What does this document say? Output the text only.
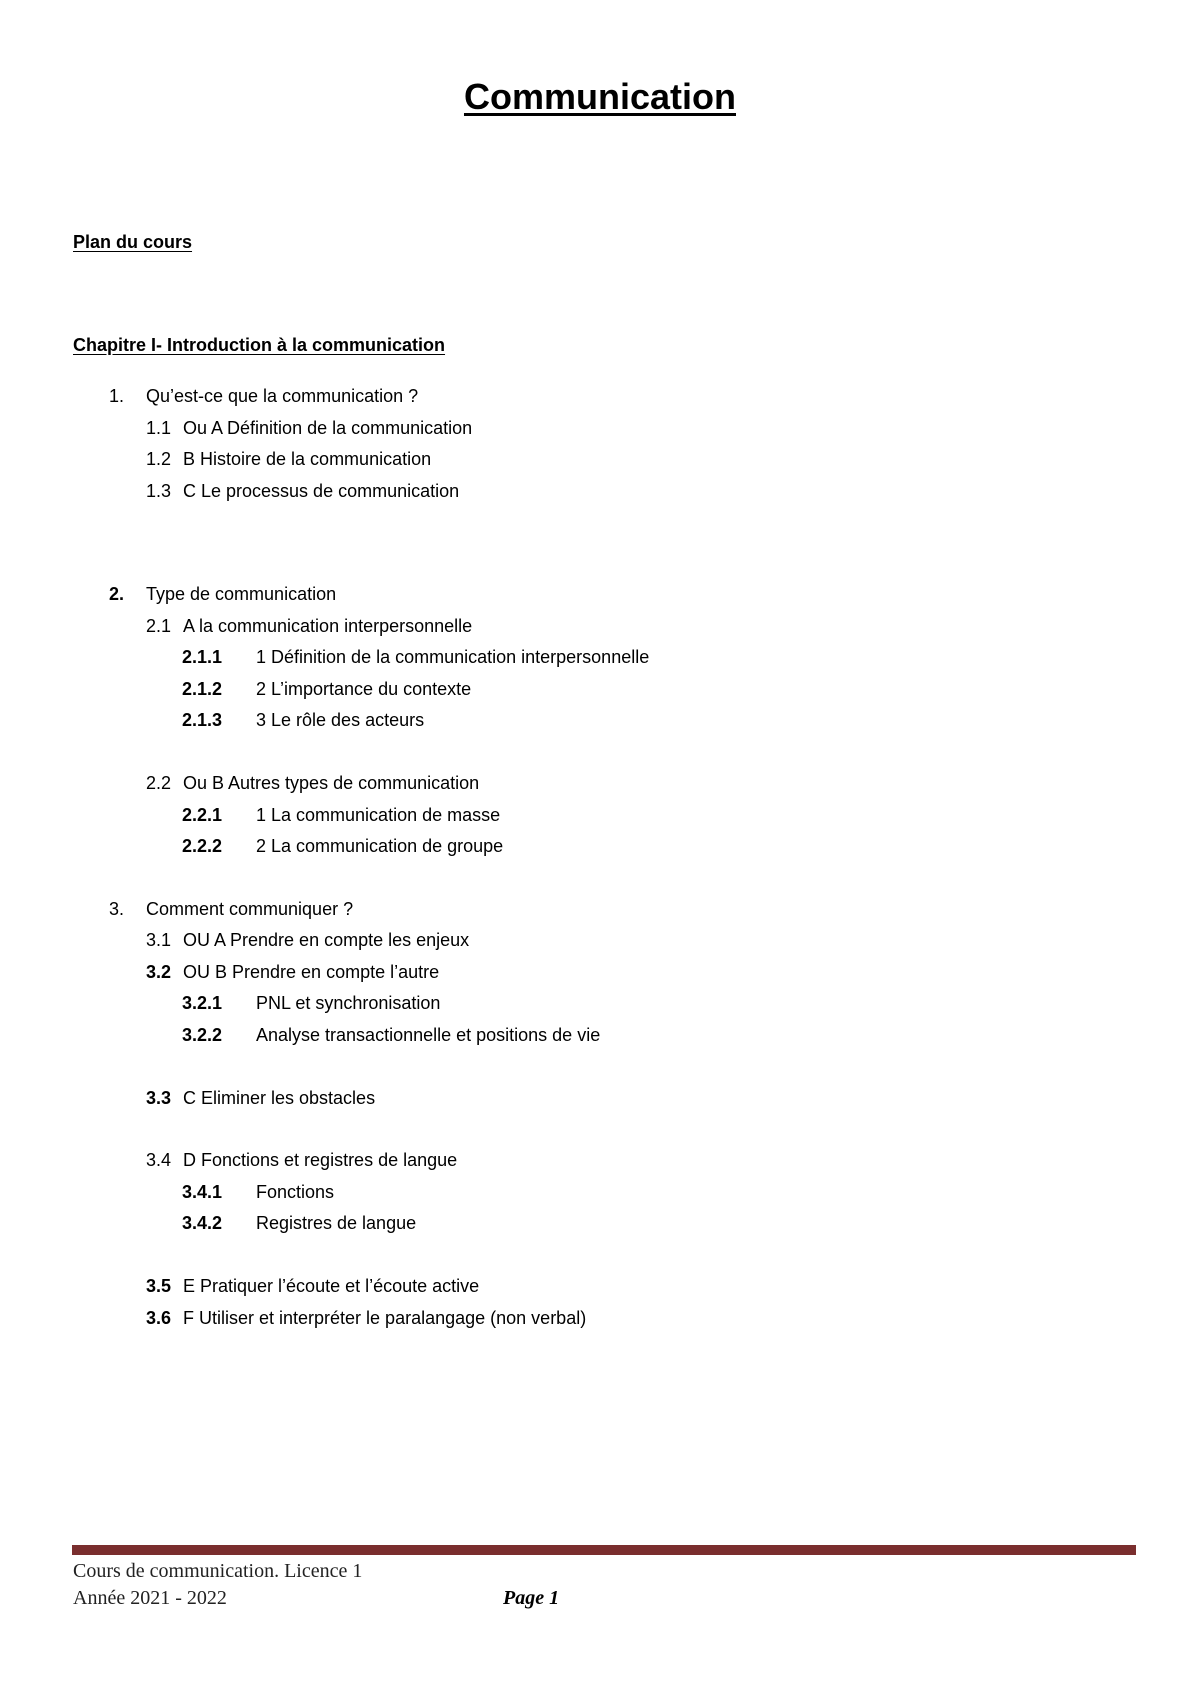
Communication
Plan du cours
Chapitre I- Introduction à la communication
1. Qu’est-ce que la communication ?
1.1 Ou A Définition de la communication
1.2 B Histoire de la communication
1.3 C Le processus de communication
2. Type de communication
2.1 A la communication interpersonnelle
2.1.1 1 Définition de la communication interpersonnelle
2.1.2 2 L’importance du contexte
2.1.3 3 Le rôle des acteurs
2.2 Ou B Autres types de communication
2.2.1 1 La communication de masse
2.2.2 2 La communication de groupe
3. Comment communiquer ?
3.1 OU A Prendre en compte les enjeux
3.2 OU B Prendre en compte l’autre
3.2.1 PNL et synchronisation
3.2.2 Analyse transactionnelle et positions de vie
3.3 C Eliminer les obstacles
3.4 D Fonctions et registres de langue
3.4.1 Fonctions
3.4.2 Registres de langue
3.5 E Pratiquer l’écoute et l’écoute active
3.6 F Utiliser et interpréter le paralangage (non verbal)
Cours de communication. Licence 1
Année 2021 - 2022	Page 1
